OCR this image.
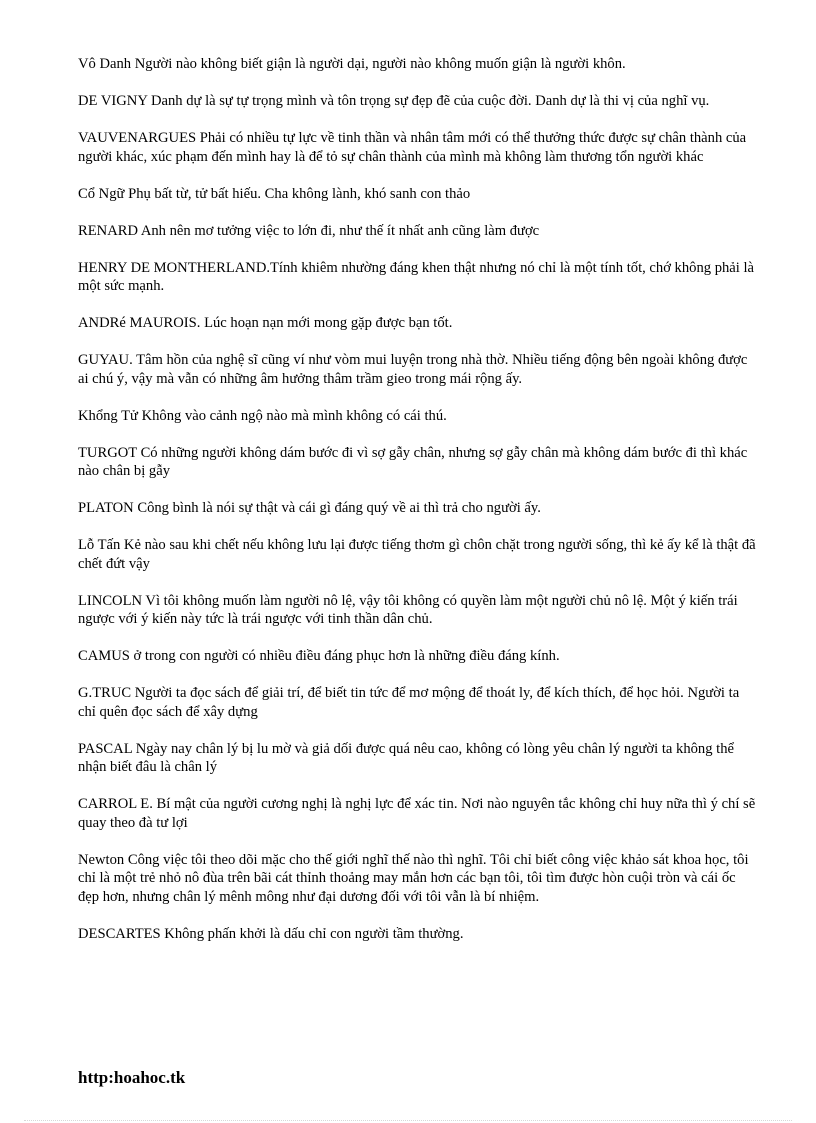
Vô Danh Người nào không biết giận là người dại, người nào không muốn giận là người khôn.

DE VIGNY Danh dự là sự tự trọng mình và tôn trọng sự đẹp đẽ của cuộc đời. Danh dự là thi vị của nghĩ vụ.

VAUVENARGUES Phải có nhiều tự lực về tinh thần và nhân tâm mới có thể thưởng thức được sự chân thành của người khác, xúc phạm đến mình hay là để tỏ sự chân thành của mình mà không làm thương tổn người khác

Cổ Ngữ Phụ bất từ, tử bất hiếu. Cha không lành, khó sanh con thảo

RENARD Anh nên mơ tưởng việc to lớn đi, như thế ít nhất anh cũng làm được

HENRY DE MONTHERLAND.Tính khiêm nhường đáng khen thật nhưng nó chỉ là một tính tốt, chớ không phải là một sức mạnh.

ANDRé MAUROIS. Lúc hoạn nạn mới mong gặp được bạn tốt.

GUYAU. Tâm hồn của nghệ sĩ cũng ví như vòm mui luyện trong nhà thờ. Nhiều tiếng động bên ngoài không được ai chú ý, vậy mà vẫn có những âm hưởng thâm trầm gieo trong mái rộng ấy.

Khổng Tử Không vào cảnh ngộ nào mà mình không có cái thú.

TURGOT Có những người không dám bước đi vì sợ gẫy chân, nhưng sợ gẫy chân mà không dám bước đi thì khác nào chân bị gẫy

PLATON Công bình là nói sự thật và cái gì đáng quý về ai thì trả cho người ấy.

Lỗ Tấn Kẻ nào sau khi chết nếu không lưu lại được tiếng thơm gì chôn chặt trong người sống, thì kẻ ấy kể là thật đã chết đứt vậy

LINCOLN Vì tôi không muốn làm người nô lệ, vậy tôi không có quyền làm một người chủ nô lệ. Một ý kiến trái ngược với ý kiến này tức là trái ngược với tinh thần dân chủ.

CAMUS ở trong con người có nhiều điều đáng phục hơn là những điều đáng kính.

G.TRUC Người ta đọc sách để giải trí, để biết tin tức để mơ mộng để thoát ly, để kích thích, để học hỏi. Người ta chỉ quên đọc sách để xây dựng

PASCAL Ngày nay chân lý bị lu mờ và giả dối được quá nêu cao, không có lòng yêu chân lý người ta không thể nhận biết đâu là chân lý

CARROL E. Bí mật của người cương nghị là nghị lực để xác tin. Nơi nào nguyên tắc không chỉ huy nữa thì ý chí sẽ quay theo đà tư lợi

Newton Công việc tôi theo dõi mặc cho thế giới nghĩ thế nào thì nghĩ. Tôi chỉ biết công việc khảo sát khoa học, tôi chỉ là một trẻ nhỏ nô đùa trên bãi cát thỉnh thoảng may mắn hơn các bạn tôi, tôi tìm được hòn cuội tròn và cái ốc đẹp hơn, nhưng chân lý mênh mông như đại dương đối với tôi vẫn là bí nhiệm.

DESCARTES Không phấn khởi là dấu chỉ con người tầm thường.

http:hoahoc.tk
